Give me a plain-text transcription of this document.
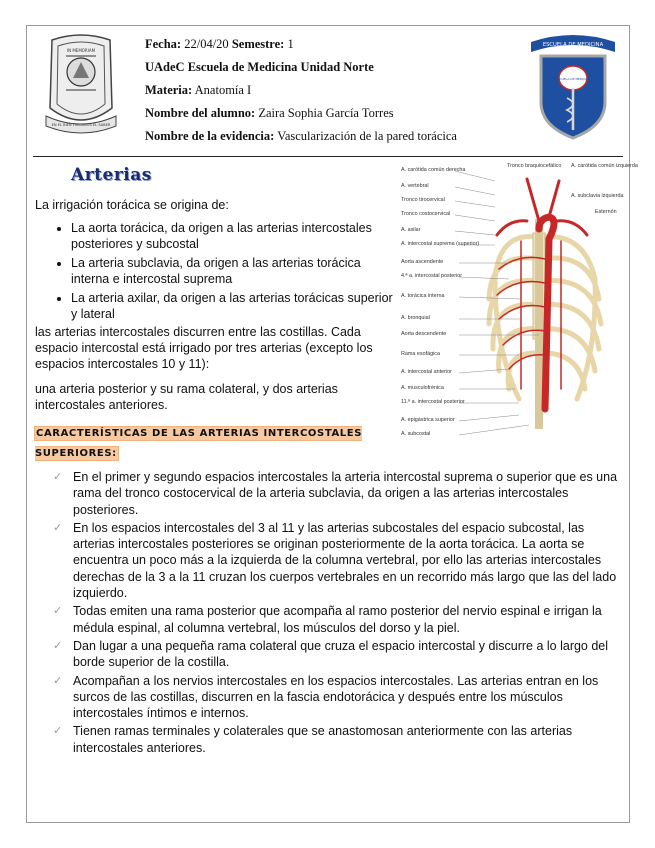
IN MEMORIAM
EN EL BIEN FINCAMOS EL SABER
Fecha: 22/04/20 Semestre: 1
UAdeC Escuela de Medicina Unidad Norte
Materia: Anatomía I
Nombre del alumno: Zaira Sophia García Torres
Nombre de la evidencia: Vascularización de la pared torácica
ESCUELA DE MEDICINA
UNIDAD NORTE
ESCUELA DE MEDICINA
Arterias
La irrigación torácica se origina de:
• La aorta torácica, da origen a las arterias intercostales posteriores y subcostal
• La arteria subclavia, da origen a las arterias torácica interna e intercostal suprema
• La arteria axilar, da origen a las arterias torácicas superior y lateral
las arterias intercostales discurren entre las costillas. Cada espacio intercostal está irrigado por tres arterias (excepto los espacios intercostales 10 y 11):
una arteria posterior y su rama colateral, y dos arterias intercostales anteriores.
A. carótida común derecha
A. vertebral
Tronco tirocervical
Tronco costocervical
A. axilar
A. intercostal suprema (superior)
Aorta ascendente
4.ª a. intercostal posterior
A. torácica interna
A. bronquial
Aorta descendente
Rama esofágica
A. intercostal anterior
A. musculofrénica
11.ª a. intercostal posterior
A. epigástrica superior
A. subcostal
Tronco braquiocefálico A. carótida común izquierda
A. subclavia izquierda
Esternón
CARACTERÍSTICAS DE LAS ARTERIAS INTERCOSTALES SUPERIORES:
✓ En el primer y segundo espacios intercostales la arteria intercostal suprema o superior que es una rama del tronco costocervical de la arteria subclavia, da origen a las arterias intercostales posteriores.
✓ En los espacios intercostales del 3 al 11 y las arterias subcostales del espacio subcostal, las arterias intercostales posteriores se originan posteriormente de la aorta torácica. La aorta se encuentra un poco más a la izquierda de la columna vertebral, por ello las arterias intercostales derechas de la 3 a la 11 cruzan los cuerpos vertebrales en un recorrido más largo que las del lado izquierdo.
✓ Todas emiten una rama posterior que acompaña al ramo posterior del nervio espinal e irrigan la médula espinal, al columna vertebral, los músculos del dorso y la piel.
✓ Dan lugar a una pequeña rama colateral que cruza el espacio intercostal y discurre a lo largo del borde superior de la costilla.
✓ Acompañan a los nervios intercostales en los espacios intercostales. Las arterias entran en los surcos de las costillas, discurren en la fascia endotorácica y después entre los músculos intercostales íntimos e internos.
✓ Tienen ramas terminales y colaterales que se anastomosan anteriormente con las arterias intercostales anteriores.
